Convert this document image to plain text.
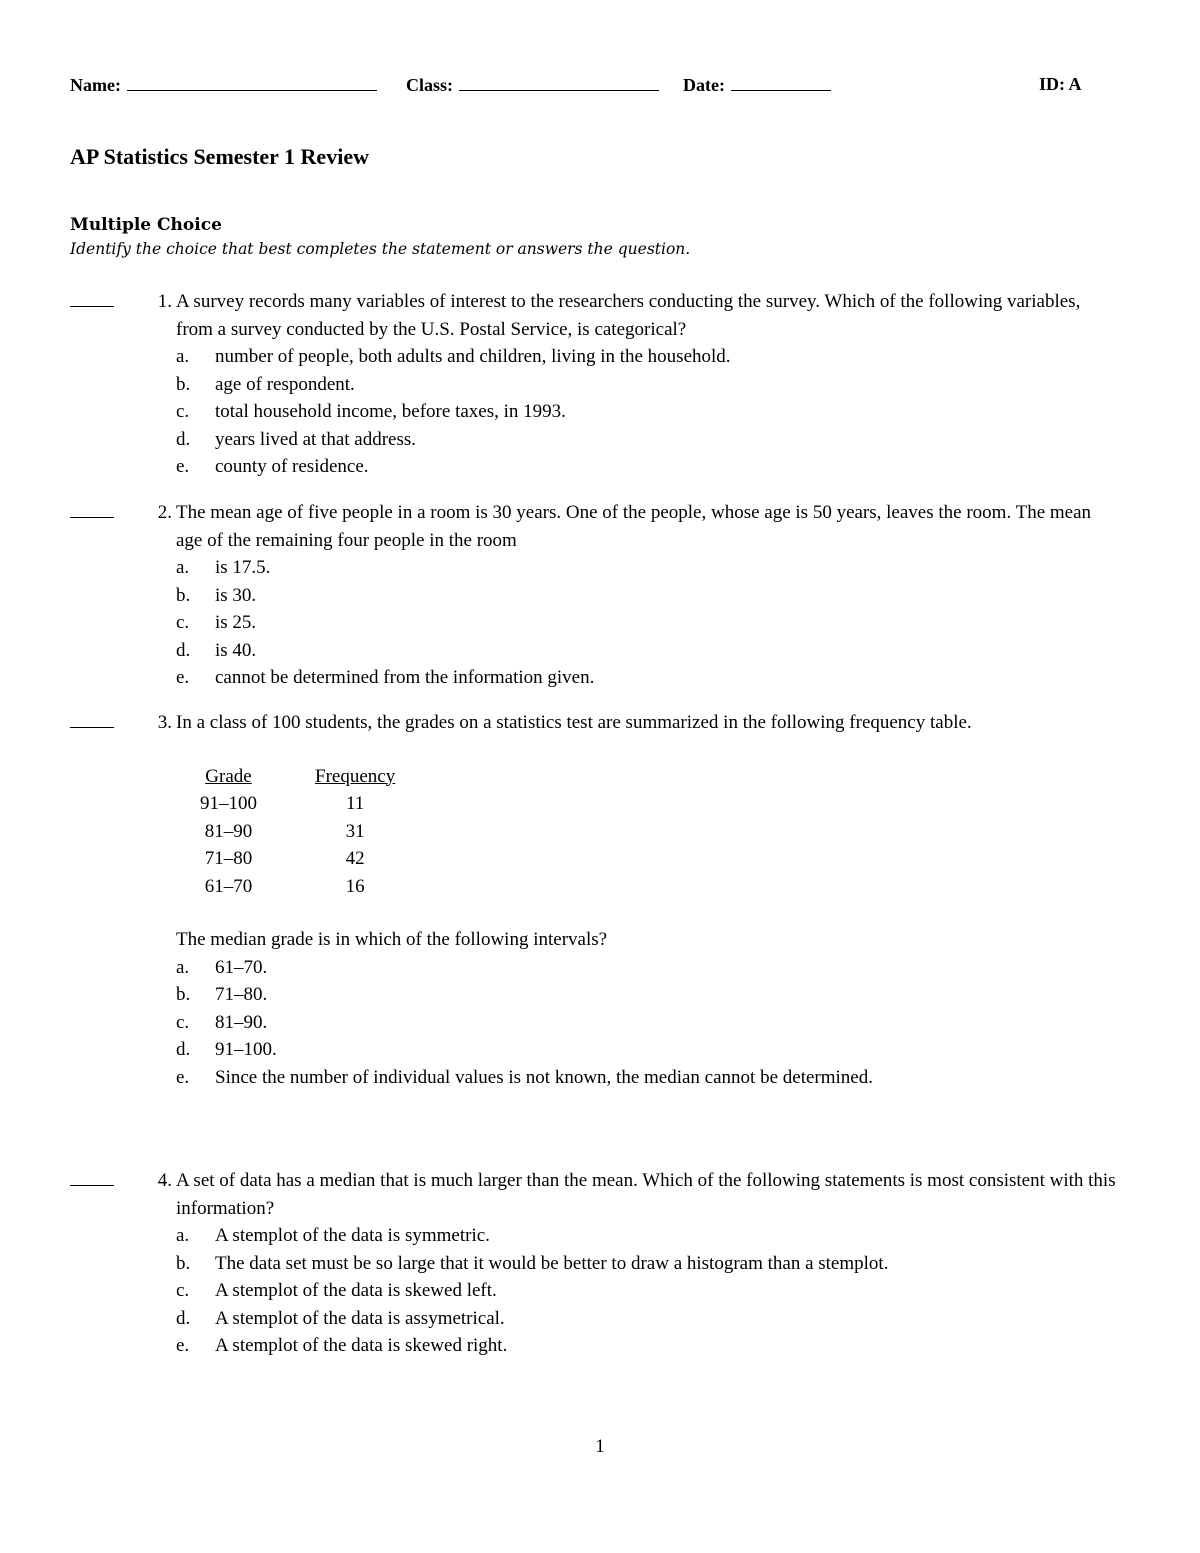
Name:	Class:	Date:	ID: A
AP Statistics Semester 1 Review
Multiple Choice
Identify the choice that best completes the statement or answers the question.
1. A survey records many variables of interest to the researchers conducting the survey. Which of the following variables, from a survey conducted by the U.S. Postal Service, is categorical?
a. number of people, both adults and children, living in the household.
b. age of respondent.
c. total household income, before taxes, in 1993.
d. years lived at that address.
e. county of residence.
2. The mean age of five people in a room is 30 years. One of the people, whose age is 50 years, leaves the room. The mean age of the remaining four people in the room
a. is 17.5.
b. is 30.
c. is 25.
d. is 40.
e. cannot be determined from the information given.
3. In a class of 100 students, the grades on a statistics test are summarized in the following frequency table.
Grade	Frequency
91–100	11
81–90	31
71–80	42
61–70	16
The median grade is in which of the following intervals?
a. 61–70.
b. 71–80.
c. 81–90.
d. 91–100.
e. Since the number of individual values is not known, the median cannot be determined.
4. A set of data has a median that is much larger than the mean. Which of the following statements is most consistent with this information?
a. A stemplot of the data is symmetric.
b. The data set must be so large that it would be better to draw a histogram than a stemplot.
c. A stemplot of the data is skewed left.
d. A stemplot of the data is assymetrical.
e. A stemplot of the data is skewed right.
1
